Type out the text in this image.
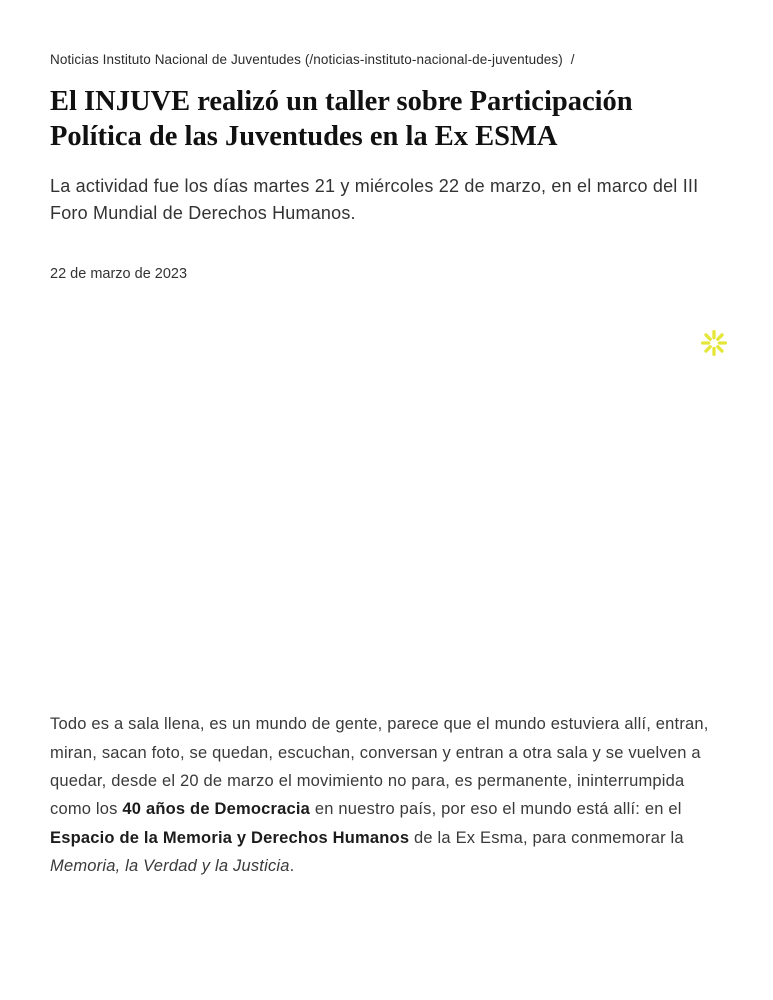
Noticias Instituto Nacional de Juventudes (/noticias-instituto-nacional-de-juventudes) /
El INJUVE realizó un taller sobre Participación Política de las Juventudes en la Ex ESMA

La actividad fue los días martes 21 y miércoles 22 de marzo, en el marco del III Foro Mundial de Derechos Humanos.

22 de marzo de 2023

Todo es a sala llena, es un mundo de gente, parece que el mundo estuviera allí, entran, miran, sacan foto, se quedan, escuchan, conversan y entran a otra sala y se vuelven a quedar, desde el 20 de marzo el movimiento no para, es permanente, ininterrumpida como los 40 años de Democracia en nuestro país, por eso el mundo está allí: en el Espacio de la Memoria y Derechos Humanos de la Ex Esma, para conmemorar la Memoria, la Verdad y la Justicia.
